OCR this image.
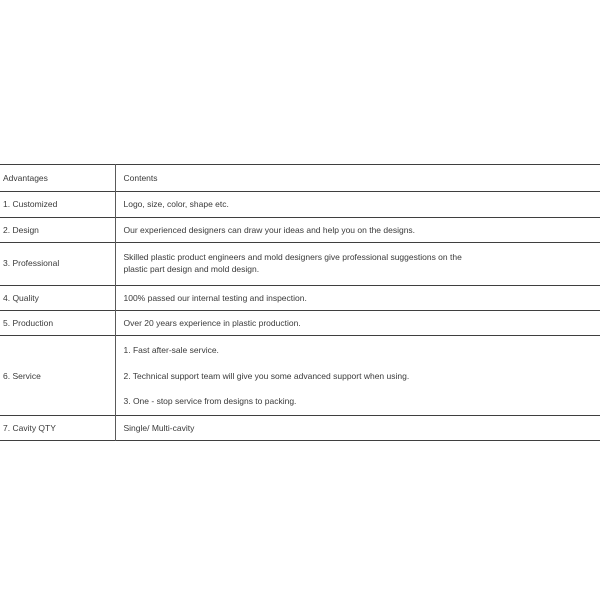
Advantages	Contents
1. Customized	Logo, size, color, shape etc.
2. Design	Our experienced designers can draw your ideas and help you on the designs.
3. Professional	Skilled plastic product engineers and mold designers give professional suggestions on the
plastic part design and mold design.

4. Quality	100% passed our internal testing and inspection.
5. Production	Over 20 years experience in plastic production.
6. Service	1. Fast after-sale service.

2. Technical support team will give you some advanced support when using.

3. One - stop service from designs to packing.

7. Cavity QTY	Single/ Multi-cavity
